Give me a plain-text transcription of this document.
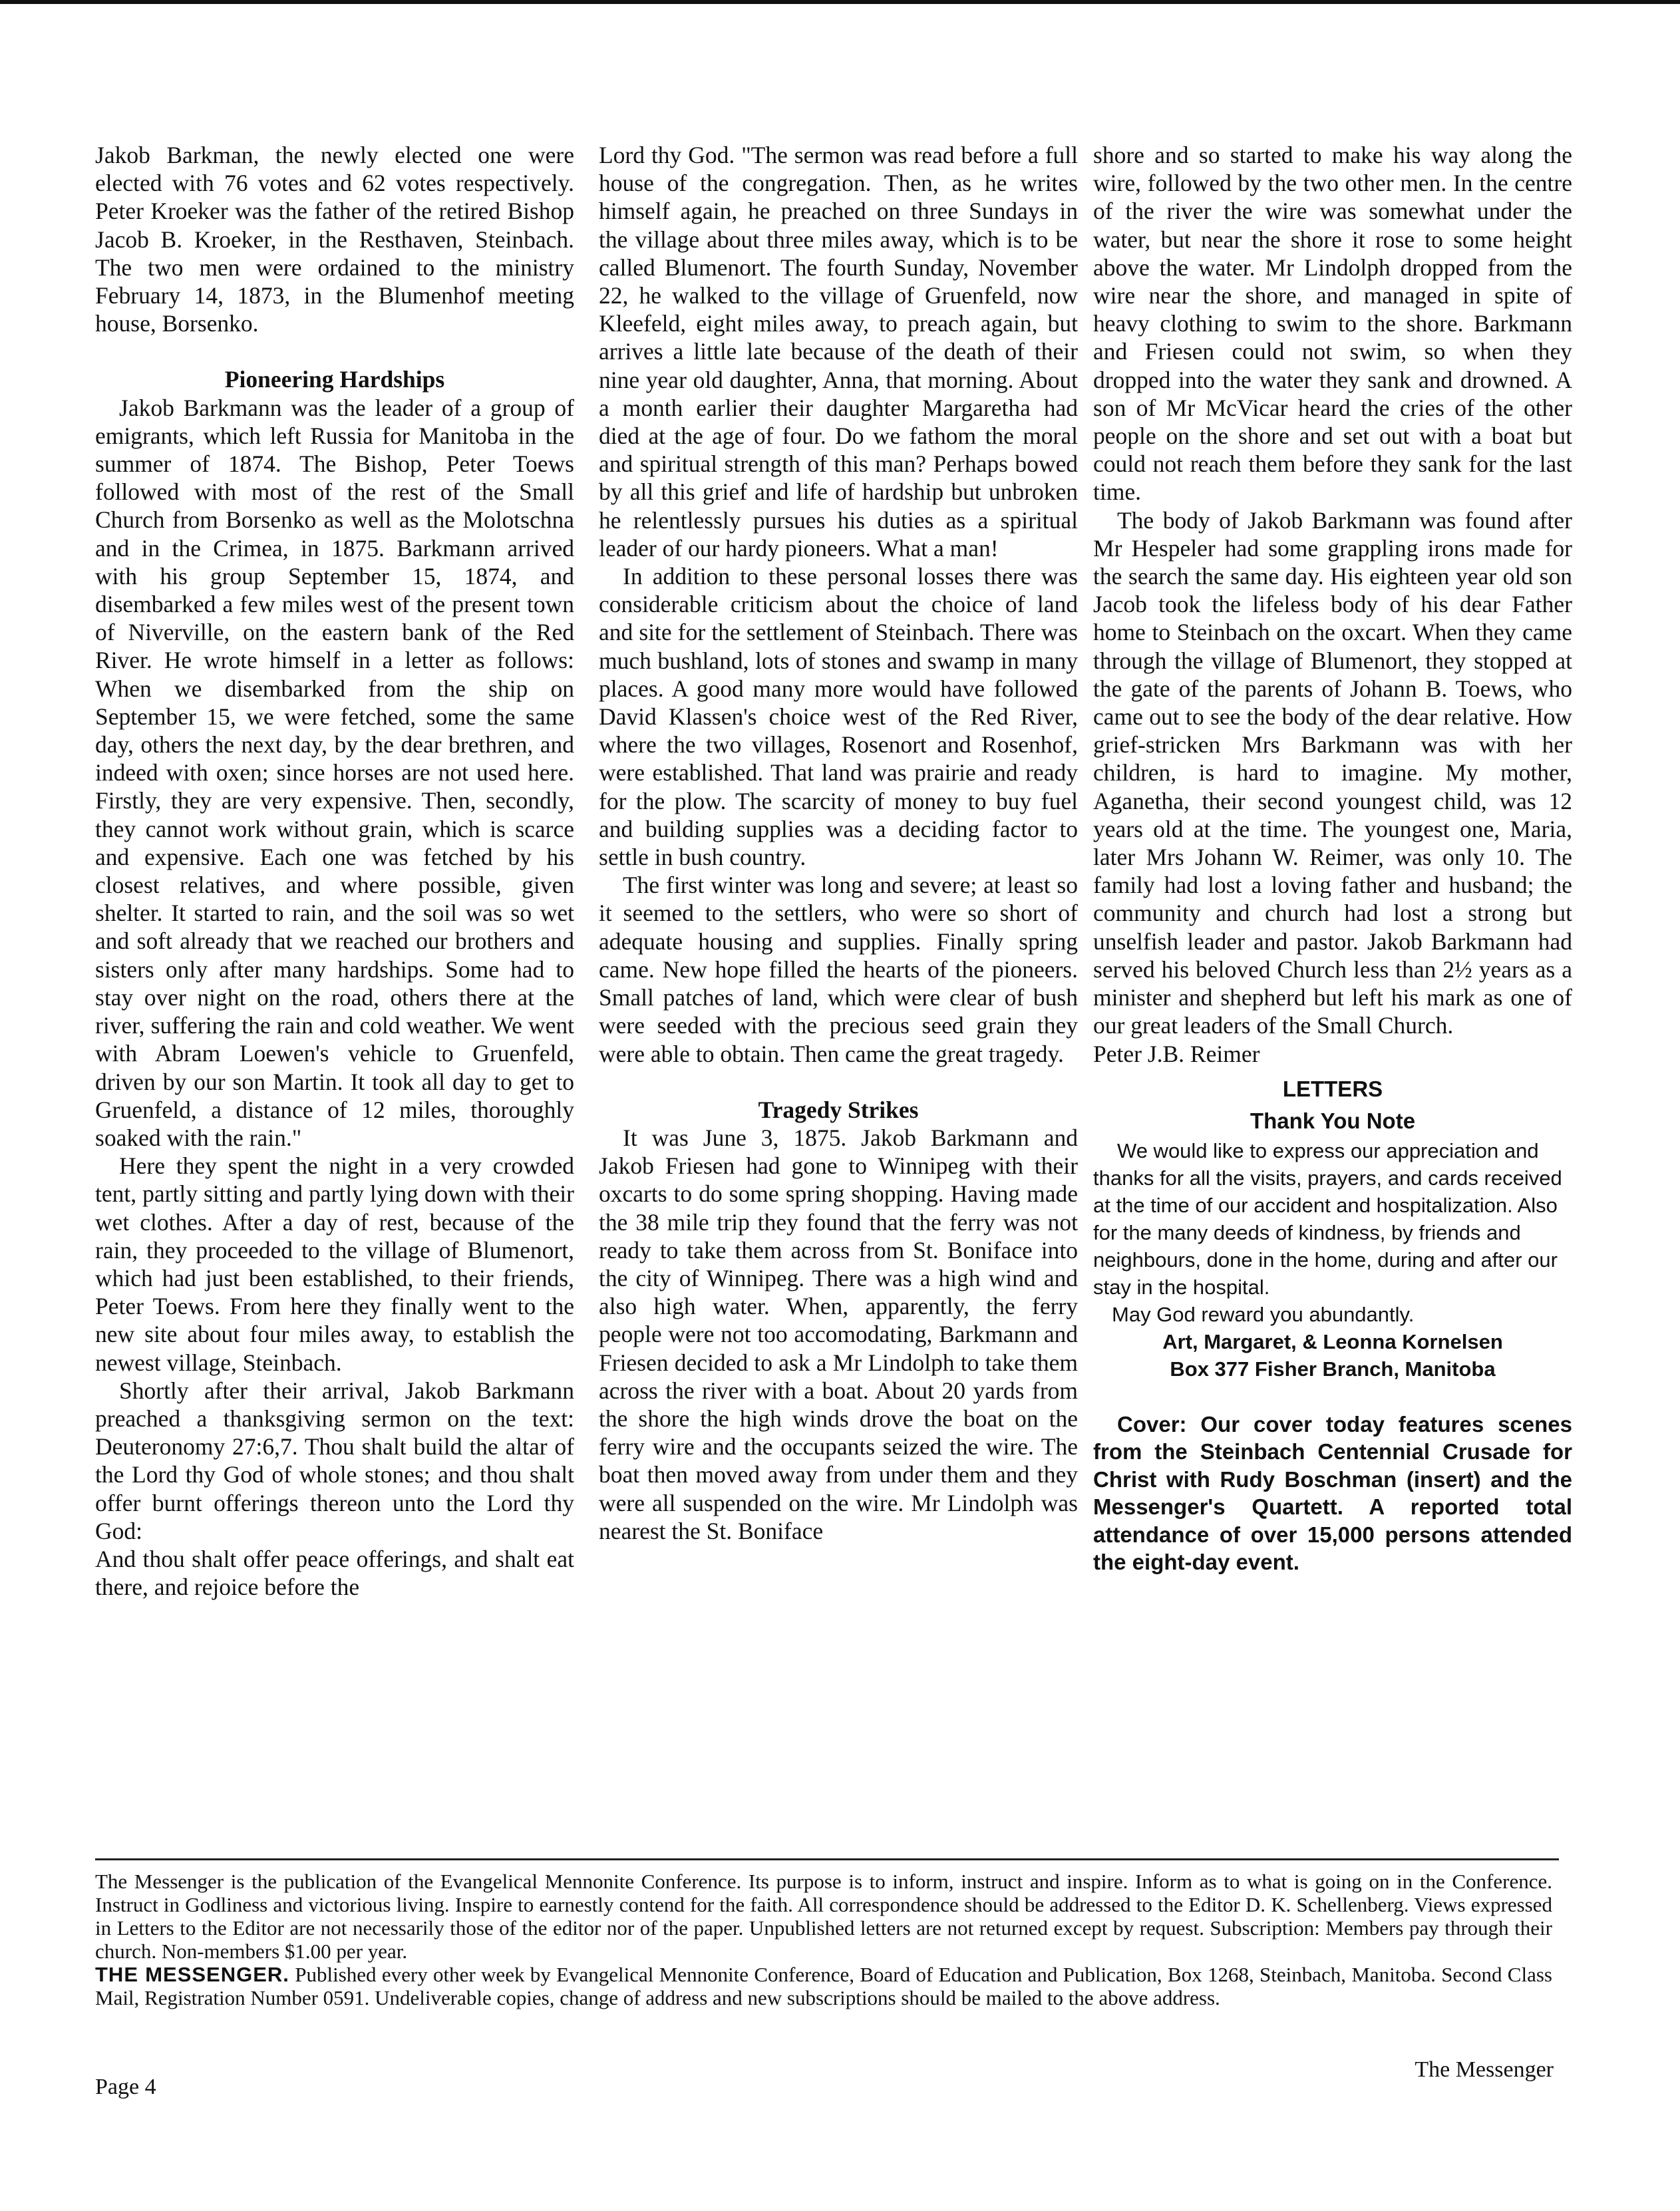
Jakob Barkman, the newly elected one were elected with 76 votes and 62 votes respectively. Peter Kroeker was the father of the retired Bishop Jacob B. Kroeker, in the Resthaven, Steinbach. The two men were ordained to the ministry February 14, 1873, in the Blumenhof meeting house, Borsenko.

Pioneering Hardships

Jakob Barkmann was the leader of a group of emigrants, which left Russia for Manitoba in the summer of 1874. The Bishop, Peter Toews followed with most of the rest of the Small Church from Borsenko as well as the Molotschna and in the Crimea, in 1875. Barkmann arrived with his group September 15, 1874, and disembarked a few miles west of the present town of Niverville, on the eastern bank of the Red River. He wrote himself in a letter as follows: When we disembarked from the ship on September 15, we were fetched, some the same day, others the next day, by the dear brethren, and indeed with oxen; since horses are not used here. Firstly, they are very expensive. Then, secondly, they cannot work without grain, which is scarce and expensive. Each one was fetched by his closest relatives, and where possible, given shelter. It started to rain, and the soil was so wet and soft already that we reached our brothers and sisters only after many hardships. Some had to stay over night on the road, others there at the river, suffering the rain and cold weather. We went with Abram Loewen's vehicle to Gruenfeld, driven by our son Martin. It took all day to get to Gruenfeld, a distance of 12 miles, thoroughly soaked with the rain."

Here they spent the night in a very crowded tent, partly sitting and partly lying down with their wet clothes. After a day of rest, because of the rain, they proceeded to the village of Blumenort, which had just been established, to their friends, Peter Toews. From here they finally went to the new site about four miles away, to establish the newest village, Steinbach.

Shortly after their arrival, Jakob Barkmann preached a thanksgiving sermon on the text: Deuteronomy 27:6,7. Thou shalt build the altar of the Lord thy God of whole stones; and thou shalt offer burnt offerings thereon unto the Lord thy God:

And thou shalt offer peace offerings, and shalt eat there, and rejoice before the

Lord thy God. "The sermon was read before a full house of the congregation. Then, as he writes himself again, he preached on three Sundays in the village about three miles away, which is to be called Blumenort. The fourth Sunday, November 22, he walked to the village of Gruenfeld, now Kleefeld, eight miles away, to preach again, but arrives a little late because of the death of their nine year old daughter, Anna, that morning. About a month earlier their daughter Margaretha had died at the age of four. Do we fathom the moral and spiritual strength of this man? Perhaps bowed by all this grief and life of hardship but unbroken he relentlessly pursues his duties as a spiritual leader of our hardy pioneers. What a man!

In addition to these personal losses there was considerable criticism about the choice of land and site for the settlement of Steinbach. There was much bushland, lots of stones and swamp in many places. A good many more would have followed David Klassen's choice west of the Red River, where the two villages, Rosenort and Rosenhof, were established. That land was prairie and ready for the plow. The scarcity of money to buy fuel and building supplies was a deciding factor to settle in bush country.

The first winter was long and severe; at least so it seemed to the settlers, who were so short of adequate housing and supplies. Finally spring came. New hope filled the hearts of the pioneers. Small patches of land, which were clear of bush were seeded with the precious seed grain they were able to obtain. Then came the great tragedy.

Tragedy Strikes

It was June 3, 1875. Jakob Barkmann and Jakob Friesen had gone to Winnipeg with their oxcarts to do some spring shopping. Having made the 38 mile trip they found that the ferry was not ready to take them across from St. Boniface into the city of Winnipeg. There was a high wind and also high water. When, apparently, the ferry people were not too accomodating, Barkmann and Friesen decided to ask a Mr Lindolph to take them across the river with a boat. About 20 yards from the shore the high winds drove the boat on the ferry wire and the occupants seized the wire. The boat then moved away from under them and they were all suspended on the wire. Mr Lindolph was nearest the St. Boniface

shore and so started to make his way along the wire, followed by the two other men. In the centre of the river the wire was somewhat under the water, but near the shore it rose to some height above the water. Mr Lindolph dropped from the wire near the shore, and managed in spite of heavy clothing to swim to the shore. Barkmann and Friesen could not swim, so when they dropped into the water they sank and drowned. A son of Mr McVicar heard the cries of the other people on the shore and set out with a boat but could not reach them before they sank for the last time.

The body of Jakob Barkmann was found after Mr Hespeler had some grappling irons made for the search the same day. His eighteen year old son Jacob took the lifeless body of his dear Father home to Steinbach on the oxcart. When they came through the village of Blumenort, they stopped at the gate of the parents of Johann B. Toews, who came out to see the body of the dear relative. How grief-stricken Mrs Barkmann was with her children, is hard to imagine. My mother, Aganetha, their second youngest child, was 12 years old at the time. The youngest one, Maria, later Mrs Johann W. Reimer, was only 10. The family had lost a loving father and husband; the community and church had lost a strong but unselfish leader and pastor. Jakob Barkmann had served his beloved Church less than 2½ years as a minister and shepherd but left his mark as one of our great leaders of the Small Church.

Peter J.B. Reimer

LETTERS
Thank You Note

We would like to express our appreciation and thanks for all the visits, prayers, and cards received at the time of our accident and hospitalization. Also for the many deeds of kindness, by friends and neighbours, done in the home, during and after our stay in the hospital.

May God reward you abundantly.

Art, Margaret, & Leonna Kornelsen

Box 377 Fisher Branch, Manitoba

Cover: Our cover today features scenes from the Steinbach Centennial Crusade for Christ with Rudy Boschman (insert) and the Messenger's Quartett. A reported total attendance of over 15,000 persons attended the eight-day event.

The Messenger is the publication of the Evangelical Mennonite Conference. Its purpose is to inform, instruct and inspire. Inform as to what is going on in the Conference. Instruct in Godliness and victorious living. Inspire to earnestly contend for the faith. All correspondence should be addressed to the Editor D. K. Schellenberg. Views expressed in Letters to the Editor are not necessarily those of the editor nor of the paper. Unpublished letters are not returned except by request. Subscription: Members pay through their church. Non-members $1.00 per year.

THE MESSENGER. Published every other week by Evangelical Mennonite Conference, Board of Education and Publication, Box 1268, Steinbach, Manitoba. Second Class Mail, Registration Number 0591. Undeliverable copies, change of address and new subscriptions should be mailed to the above address.

Page 4
The Messenger
